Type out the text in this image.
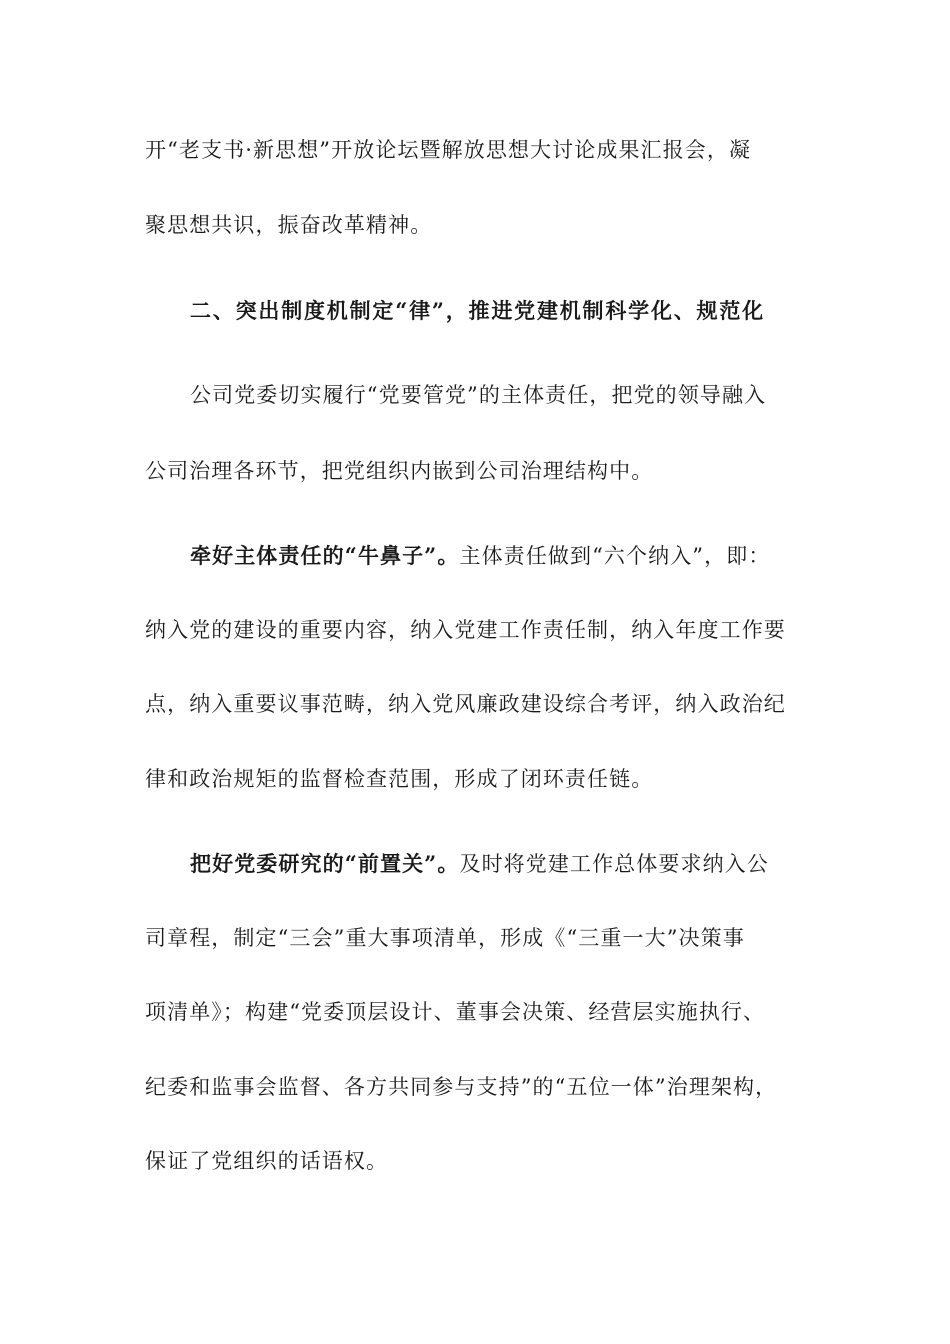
开“老支书·新思想”开放论坛暨解放思想大讨论成果汇报会，凝
聚思想共识，振奋改革精神。
二、突出制度机制定“律”，推进党建机制科学化、规范化
公司党委切实履行“党要管党”的主体责任，把党的领导融入
公司治理各环节，把党组织内嵌到公司治理结构中。
牵好主体责任的“牛鼻子”。主体责任做到“六个纳入”，即：
纳入党的建设的重要内容，纳入党建工作责任制，纳入年度工作要
点，纳入重要议事范畴，纳入党风廉政建设综合考评，纳入政治纪
律和政治规矩的监督检查范围，形成了闭环责任链。
把好党委研究的“前置关”。及时将党建工作总体要求纳入公
司章程，制定“三会”重大事项清单，形成《“三重一大”决策事
项清单》；构建“党委顶层设计、董事会决策、经营层实施执行、
纪委和监事会监督、各方共同参与支持”的“五位一体”治理架构，
保证了党组织的话语权。
